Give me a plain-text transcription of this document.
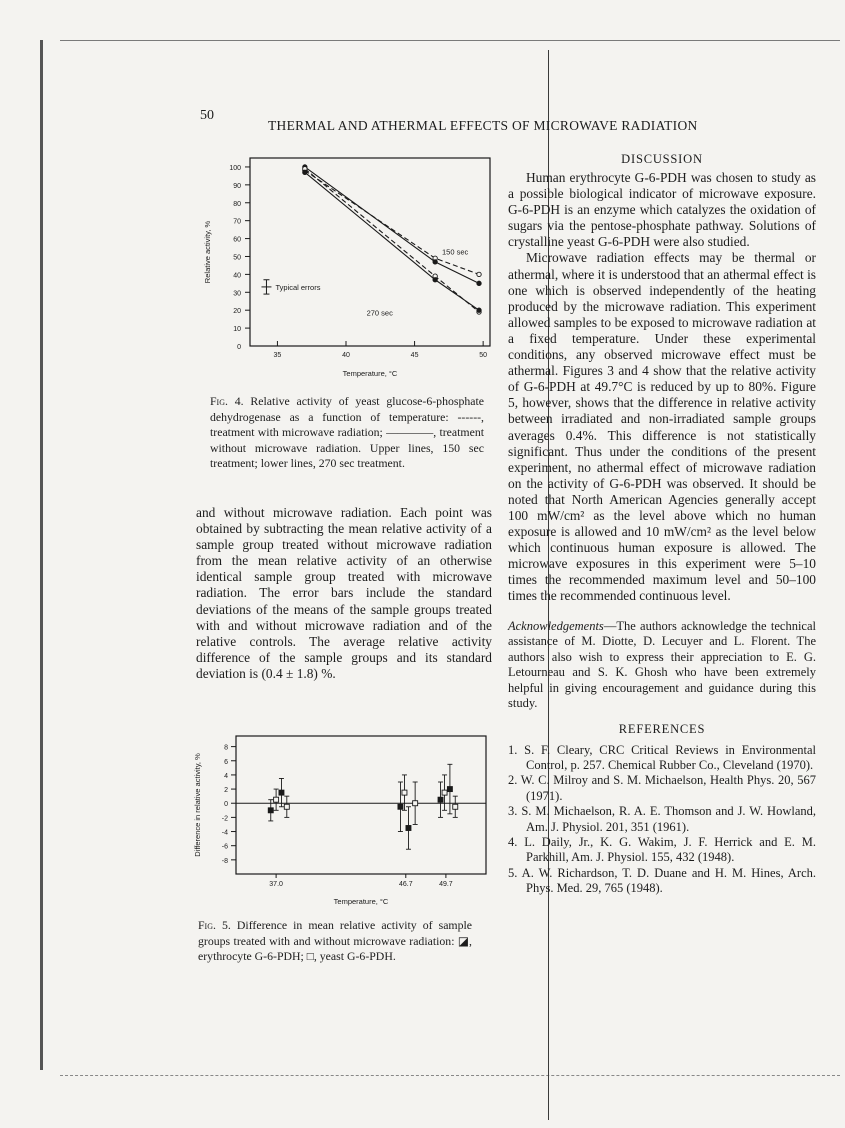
50
THERMAL AND ATHERMAL EFFECTS OF MICROWAVE RADIATION
10
20
30
40
50
60
70
80
90
100
0
35	40	45	50
Temperature, °C
Relative activity, %	150 sec
270 sec
Typical errors
Fig. 4. Relative activity of yeast glucose-6-phosphate dehydrogenase as a function of temperature: ------, treatment with microwave radiation; ————, treatment without microwave radiation. Upper lines, 150 sec treatment; lower lines, 270 sec treatment.

and without microwave radiation. Each point was obtained by subtracting the mean relative activity of a sample group treated without microwave radiation from the mean relative activity of an otherwise identical sample group treated with microwave radiation. The error bars include the standard deviations of the means of the sample groups treated with and without microwave radiation and of the relative controls. The average relative activity difference of the sample groups and its standard deviation is (0.4 ± 1.8) %.

-8
-6
-4
-2
0
2
4
6
8
37.0	46.7	49.7
Temperature, °C
Difference in relative activity, %
Fig. 5. Difference in mean relative activity of sample groups treated with and without microwave radiation: ◪, erythrocyte G-6-PDH; □, yeast G-6-PDH.
DISCUSSION

Human erythrocyte G-6-PDH was chosen to study as a possible biological indicator of microwave exposure. G-6-PDH is an enzyme which catalyzes the oxidation of sugars via the pentose-phosphate pathway. Solutions of crystalline yeast G-6-PDH were also studied.

Microwave radiation effects may be thermal or athermal, where it is understood that an athermal effect is one which is observed independently of the heating produced by the microwave radiation. This experiment allowed samples to be exposed to microwave radiation at a fixed temperature. Under these experimental conditions, any observed microwave effect must be athermal. Figures 3 and 4 show that the relative activity of G-6-PDH at 49.7°C is reduced by up to 80%. Figure 5, however, shows that the difference in relative activity between irradiated and non-irradiated sample groups averages 0.4%. This difference is not statistically significant. Thus under the conditions of the present experiment, no athermal effect of microwave radiation on the activity of G-6-PDH was observed. It should be noted that North American Agencies generally accept 100 mW/cm² as the level above which no human exposure is allowed and 10 mW/cm² as the level below which continuous human exposure is allowed. The microwave exposures in this experiment were 5–10 times the recommended maximum level and 50–100 times the recommended continuous level.

Acknowledgements—The authors acknowledge the technical assistance of M. Diotte, D. Lecuyer and L. Florent. The authors also wish to express their appreciation to E. G. Letourneau and S. K. Ghosh who have been extremely helpful in giving encouragement and guidance during this study.

REFERENCES
1. S. F. Cleary, CRC Critical Reviews in Environmental Control, p. 257. Chemical Rubber Co., Cleveland (1970).
2. W. C. Milroy and S. M. Michaelson, Health Phys. 20, 567 (1971).
3. S. M. Michaelson, R. A. E. Thomson and J. W. Howland, Am. J. Physiol. 201, 351 (1961).
4. L. Daily, Jr., K. G. Wakim, J. F. Herrick and E. M. Parkhill, Am. J. Physiol. 155, 432 (1948).
5. A. W. Richardson, T. D. Duane and H. M. Hines, Arch. Phys. Med. 29, 765 (1948).
